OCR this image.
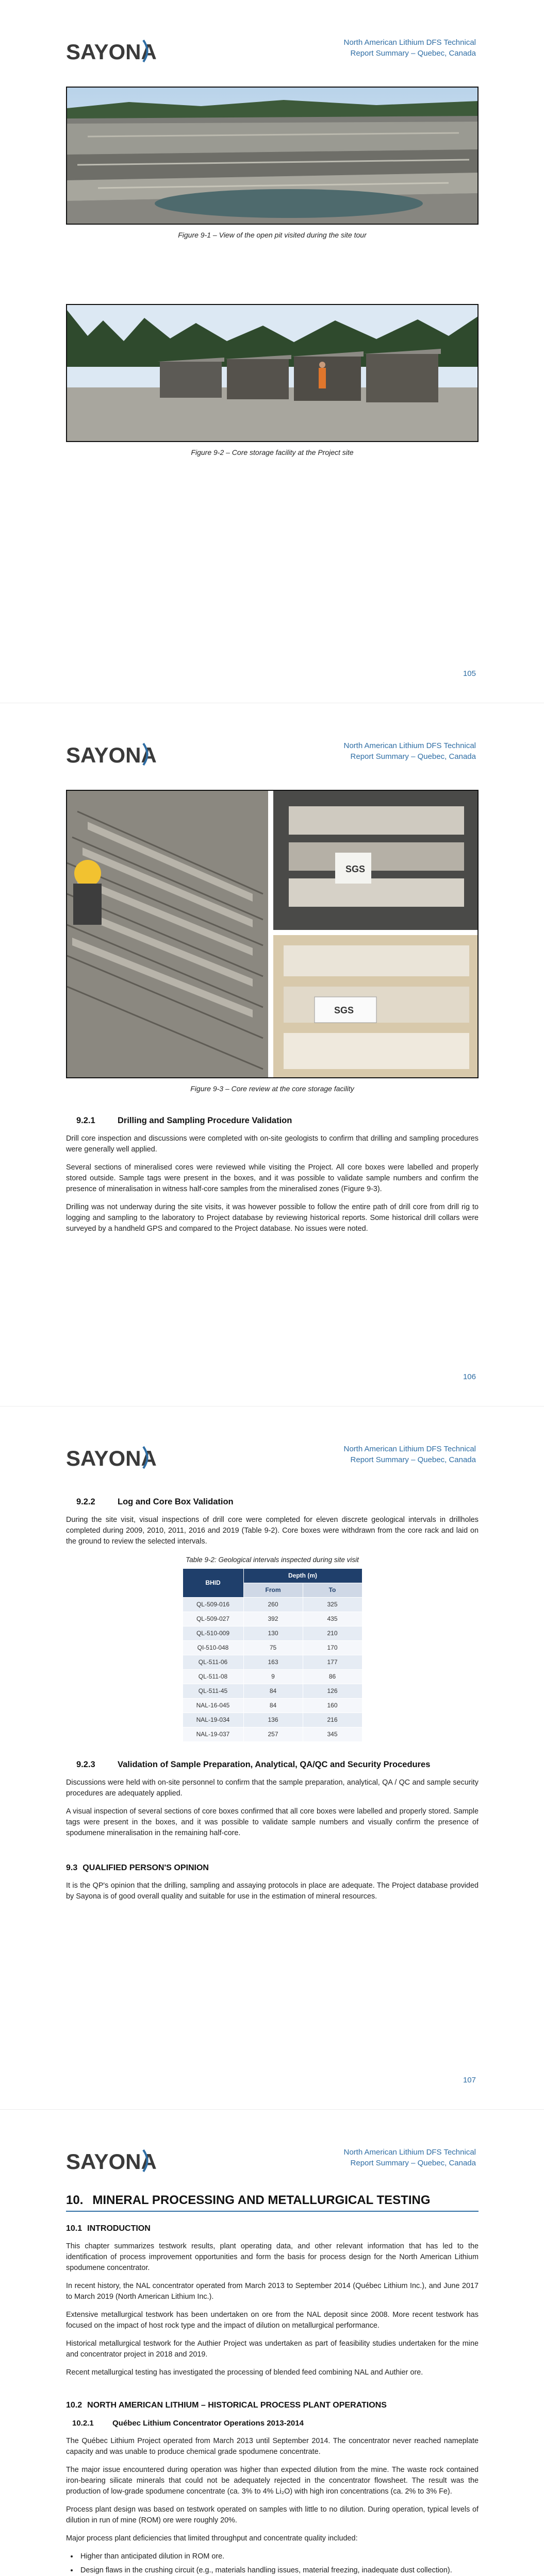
SAYONA	North American Lithium DFS Technical
Report Summary – Quebec, Canada
Figure 9-1 – View of the open pit visited during the site tour
Figure 9-2 – Core storage facility at the Project site
105
SAYONA	North American Lithium DFS Technical
Report Summary – Quebec, Canada
SGS
SGS
Figure 9-3 – Core review at the core storage facility
9.2.1	Drilling and Sampling Procedure Validation

Drill core inspection and discussions were completed with on-site geologists to confirm that drilling and sampling procedures were generally well applied.

Several sections of mineralised cores were reviewed while visiting the Project. All core boxes were labelled and properly stored outside. Sample tags were present in the boxes, and it was possible to validate sample numbers and confirm the presence of mineralisation in witness half-core samples from the mineralised zones (Figure 9-3).

Drilling was not underway during the site visits, it was however possible to follow the entire path of drill core from drill rig to logging and sampling to the laboratory to Project database by reviewing historical reports. Some historical drill collars were surveyed by a handheld GPS and compared to the Project database. No issues were noted.

106
SAYONA	North American Lithium DFS Technical
Report Summary – Quebec, Canada
9.2.2	Log and Core Box Validation

During the site visit, visual inspections of drill core were completed for eleven discrete geological intervals in drillholes completed during 2009, 2010, 2011, 2016 and 2019 (Table 9-2). Core boxes were withdrawn from the core rack and laid on the ground to review the selected intervals.

Table 9-2: Geological intervals inspected during site visit
BHID	Depth (m)	
	From	To
QL-509-016	260	325
QL-509-027	392	435
QL-510-009	130	210
QI-510-048	75	170
QL-511-06	163	177
QL-511-08	9	86
QL-511-45	84	126
NAL-16-045	84	160
NAL-19-034	136	216
NAL-19-037	257	345
9.2.3	Validation of Sample Preparation, Analytical, QA/QC and Security Procedures

Discussions were held with on-site personnel to confirm that the sample preparation, analytical, QA / QC and sample security procedures are adequately applied.

A visual inspection of several sections of core boxes confirmed that all core boxes were labelled and properly stored. Sample tags were present in the boxes, and it was possible to validate sample numbers and visually confirm the presence of spodumene mineralisation in the remaining half-core.

9.3 QUALIFIED PERSON'S OPINION

It is the QP's opinion that the drilling, sampling and assaying protocols in place are adequate. The Project database provided by Sayona is of good overall quality and suitable for use in the estimation of mineral resources.

107
SAYONA	North American Lithium DFS Technical
Report Summary – Quebec, Canada
10. MINERAL PROCESSING AND METALLURGICAL TESTING
10.1 INTRODUCTION

This chapter summarizes testwork results, plant operating data, and other relevant information that has led to the identification of process improvement opportunities and form the basis for process design for the North American Lithium spodumene concentrator.

In recent history, the NAL concentrator operated from March 2013 to September 2014 (Québec Lithium Inc.), and June 2017 to March 2019 (North American Lithium Inc.).

Extensive metallurgical testwork has been undertaken on ore from the NAL deposit since 2008. More recent testwork has focused on the impact of host rock type and the impact of dilution on metallurgical performance.

Historical metallurgical testwork for the Authier Project was undertaken as part of feasibility studies undertaken for the mine and concentrator project in 2018 and 2019.

Recent metallurgical testing has investigated the processing of blended feed combining NAL and Authier ore.

10.2 NORTH AMERICAN LITHIUM – HISTORICAL PROCESS PLANT OPERATIONS
10.2.1 Québec Lithium Concentrator Operations 2013-2014

The Québec Lithium Project operated from March 2013 until September 2014. The concentrator never reached nameplate capacity and was unable to produce chemical grade spodumene concentrate.

The major issue encountered during operation was higher than expected dilution from the mine. The waste rock contained iron-bearing silicate minerals that could not be adequately rejected in the concentrator flowsheet. The result was the production of low-grade spodumene concentrate (ca. 3% to 4% Li₂O) with high iron concentrations (ca. 2% to 3% Fe).

Process plant design was based on testwork operated on samples with little to no dilution. During operation, typical levels of dilution in run of mine (ROM) ore were roughly 20%.

Major process plant deficiencies that limited throughput and concentrate quality included:

• Higher than anticipated dilution in ROM ore.
• Design flaws in the crushing circuit (e.g., materials handling issues, material freezing, inadequate dust collection).
